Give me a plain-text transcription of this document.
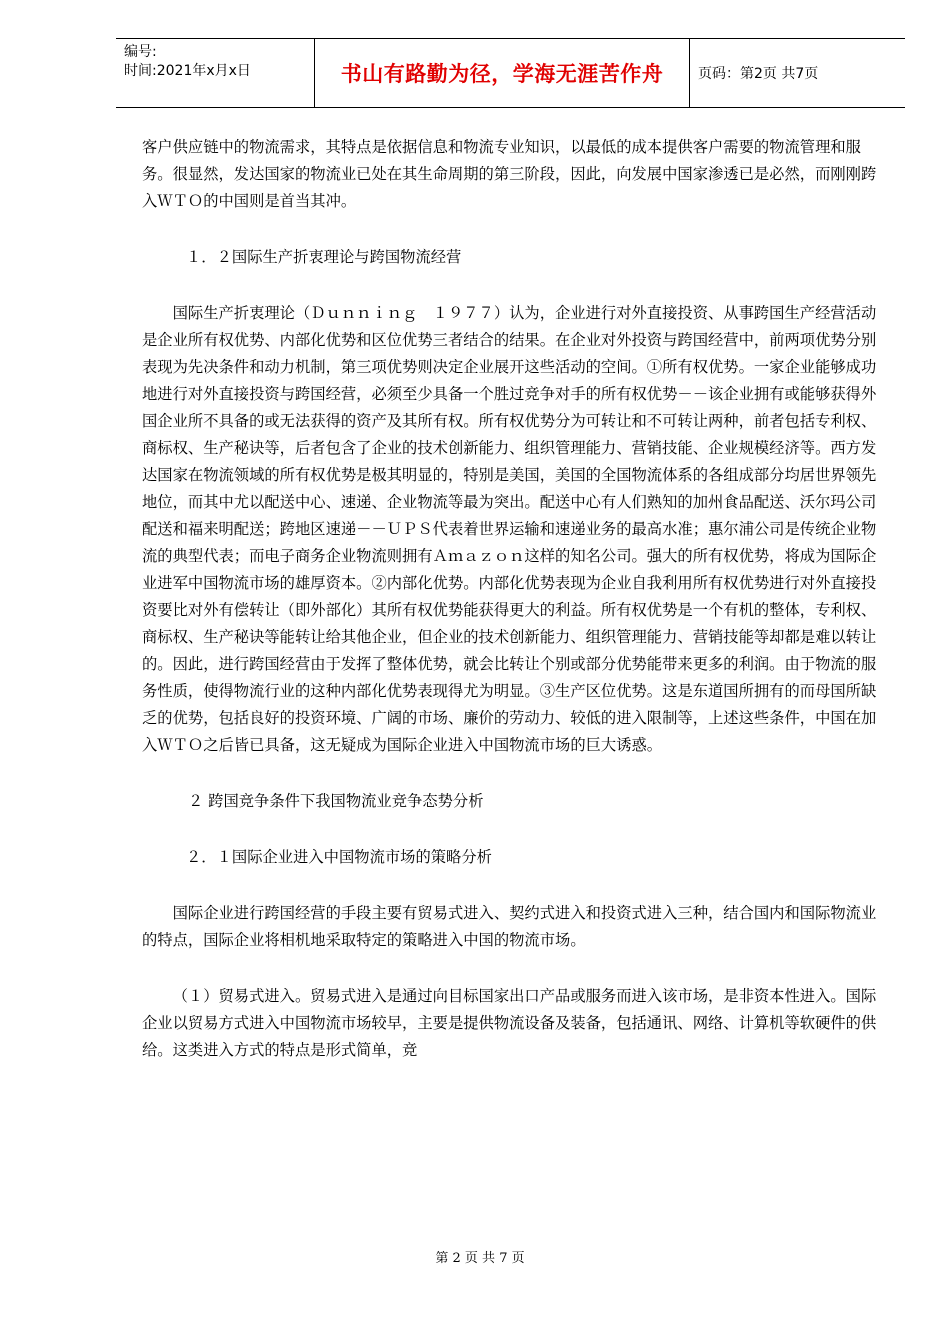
编号:
时间:2021年x月x日	书山有路勤为径，学海无涯苦作舟 页码：第2页 共7页

客户供应链中的物流需求，其特点是依据信息和物流专业知识，以最低的成本提供客户需要的物流管理和服务。很显然，发达国家的物流业已处在其生命周期的第三阶段，因此，向发展中国家渗透已是必然，而刚刚跨入ＷＴＯ的中国则是首当其冲。

１．２国际生产折衷理论与跨国物流经营

国际生产折衷理论（Ｄｕｎｎｉｎｇ　１９７７）认为，企业进行对外直接投资、从事跨国生产经营活动是企业所有权优势、内部化优势和区位优势三者结合的结果。在企业对外投资与跨国经营中，前两项优势分别表现为先决条件和动力机制，第三项优势则决定企业展开这些活动的空间。①所有权优势。一家企业能够成功地进行对外直接投资与跨国经营，必须至少具备一个胜过竞争对手的所有权优势－－该企业拥有或能够获得外国企业所不具备的或无法获得的资产及其所有权。所有权优势分为可转让和不可转让两种，前者包括专利权、商标权、生产秘诀等，后者包含了企业的技术创新能力、组织管理能力、营销技能、企业规模经济等。西方发达国家在物流领域的所有权优势是极其明显的，特别是美国，美国的全国物流体系的各组成部分均居世界领先地位，而其中尤以配送中心、速递、企业物流等最为突出。配送中心有人们熟知的加州食品配送、沃尔玛公司配送和福来明配送；跨地区速递－－ＵＰＳ代表着世界运输和速递业务的最高水准；惠尔浦公司是传统企业物流的典型代表；而电子商务企业物流则拥有Ａｍａｚｏｎ这样的知名公司。强大的所有权优势，将成为国际企业进军中国物流市场的雄厚资本。②内部化优势。内部化优势表现为企业自我利用所有权优势进行对外直接投资要比对外有偿转让（即外部化）其所有权优势能获得更大的利益。所有权优势是一个有机的整体，专利权、商标权、生产秘诀等能转让给其他企业，但企业的技术创新能力、组织管理能力、营销技能等却都是难以转让的。因此，进行跨国经营由于发挥了整体优势，就会比转让个别或部分优势能带来更多的利润。由于物流的服务性质，使得物流行业的这种内部化优势表现得尤为明显。③生产区位优势。这是东道国所拥有的而母国所缺乏的优势，包括良好的投资环境、广阔的市场、廉价的劳动力、较低的进入限制等，上述这些条件，中国在加入ＷＴＯ之后皆已具备，这无疑成为国际企业进入中国物流市场的巨大诱惑。

２ 跨国竞争条件下我国物流业竞争态势分析

２．１国际企业进入中国物流市场的策略分析

国际企业进行跨国经营的手段主要有贸易式进入、契约式进入和投资式进入三种，结合国内和国际物流业的特点，国际企业将相机地采取特定的策略进入中国的物流市场。

（１）贸易式进入。贸易式进入是通过向目标国家出口产品或服务而进入该市场，是非资本性进入。国际企业以贸易方式进入中国物流市场较早，主要是提供物流设备及装备，包括通讯、网络、计算机等软硬件的供给。这类进入方式的特点是形式简单，竞

第 2 页 共 7 页
